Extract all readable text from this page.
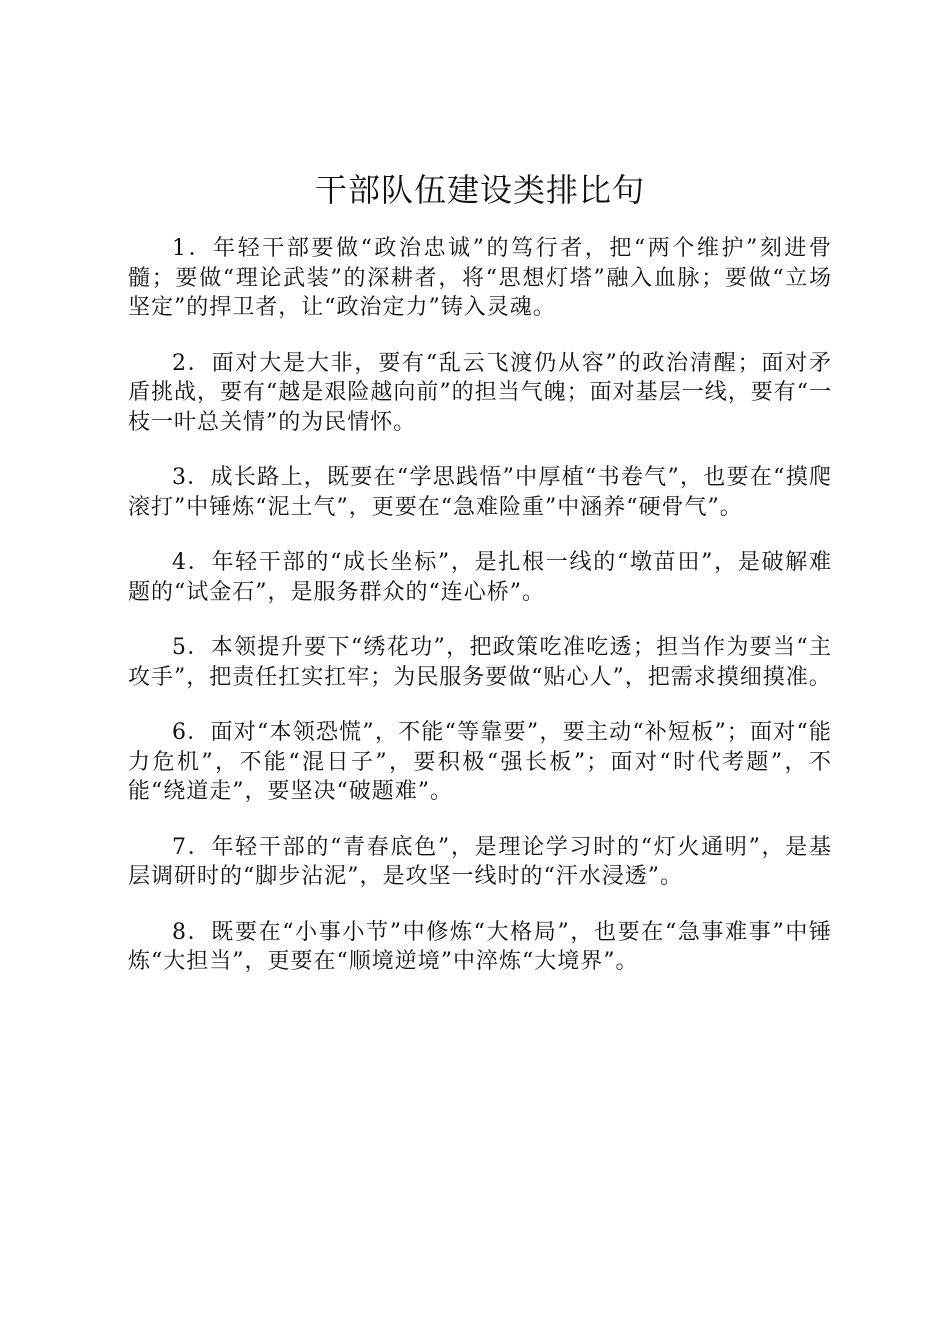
干部队伍建设类排比句

1．年轻干部要做“政治忠诚”的笃行者，把“两个维护”刻进骨髓；要做“理论武装”的深耕者，将“思想灯塔”融入血脉；要做“立场坚定”的捍卫者，让“政治定力”铸入灵魂。

2．面对大是大非，要有“乱云飞渡仍从容”的政治清醒；面对矛盾挑战，要有“越是艰险越向前”的担当气魄；面对基层一线，要有“一枝一叶总关情”的为民情怀。

3．成长路上，既要在“学思践悟”中厚植“书卷气”，也要在“摸爬滚打”中锤炼“泥土气”，更要在“急难险重”中涵养“硬骨气”。

4．年轻干部的“成长坐标”，是扎根一线的“墩苗田”，是破解难题的“试金石”，是服务群众的“连心桥”。

5．本领提升要下“绣花功”，把政策吃准吃透；担当作为要当“主攻手”，把责任扛实扛牢；为民服务要做“贴心人”，把需求摸细摸准。

6．面对“本领恐慌”，不能“等靠要”，要主动“补短板”；面对“能力危机”，不能“混日子”，要积极“强长板”；面对“时代考题”，不能“绕道走”，要坚决“破题难”。

7．年轻干部的“青春底色”，是理论学习时的“灯火通明”，是基层调研时的“脚步沾泥”，是攻坚一线时的“汗水浸透”。

8．既要在“小事小节”中修炼“大格局”，也要在“急事难事”中锤炼“大担当”，更要在“顺境逆境”中淬炼“大境界”。
